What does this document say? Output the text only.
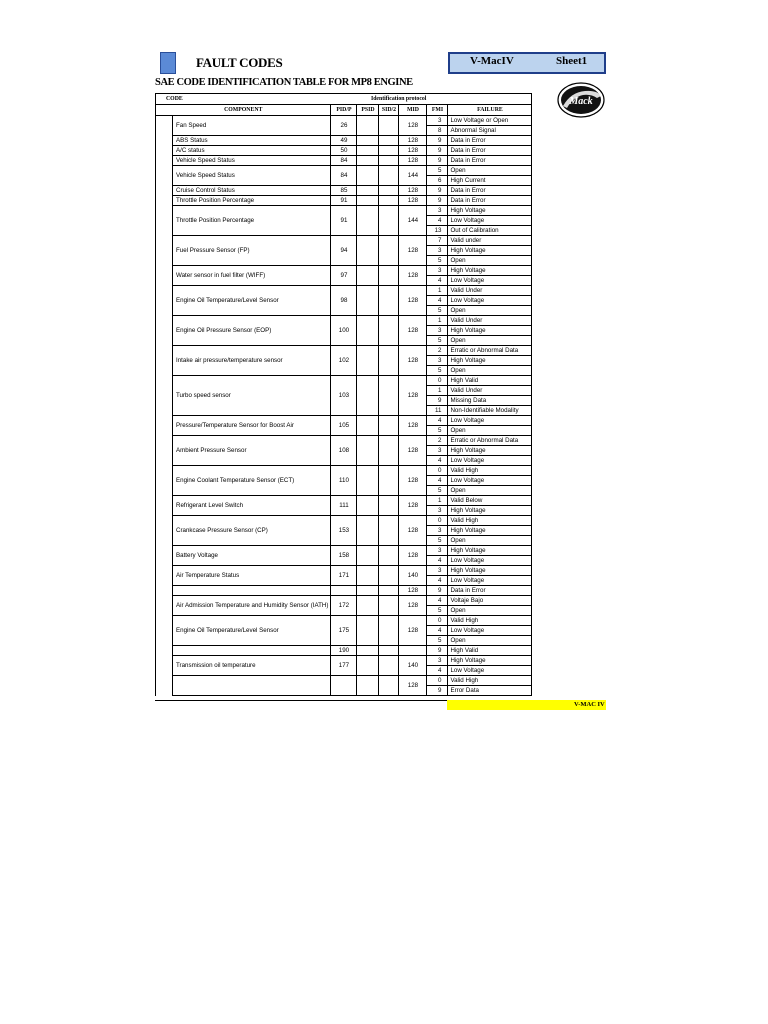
FAULT CODES	V-MacIV	Sheet1
SAE CODE IDENTIFICATION TABLE FOR MP8 ENGINE
Mack
CODE		Identification protocol					
COMPONENT		PID/P	PSID	SID/2	MID	FMI	FAILURE
	Fan Speed	26			128	3	Low Voltage or Open
						8	Abnormal Signal
	ABS Status	49			128	9	Data in Error
	A/C status	50			128	9	Data in Error
	Vehicle Speed Status	84			128	9	Data in Error
	Vehicle Speed Status	84			144	5	Open
						6	High Current
	Cruise Control Status	85			128	9	Data in Error
	Throttle Position Percentage	91			128	9	Data in Error
	Throttle Position Percentage	91			144	3	High Voltage
						4	Low Voltage
						13	Out of Calibration
	Fuel Pressure Sensor (FP)	94			128	7	Valid under
						3	High Voltage
						5	Open
	Water sensor in fuel filter (WIFF)	97			128	3	High Voltage
						4	Low Voltage
	Engine Oil Temperature/Level Sensor	98			128	1	Valid Under
						4	Low Voltage
						5	Open
	Engine Oil Pressure Sensor (EOP)	100			128	1	Valid Under
						3	High Voltage
						5	Open
	Intake air pressure/temperature sensor	102			128	2	Erratic or Abnormal Data
						3	High Voltage
						5	Open
	Turbo speed sensor	103			128	0	High Valid
						1	Valid Under
						9	Missing Data
						11	Non-Identifiable Modality
	Pressure/Temperature Sensor for Boost Air	105			128	4	Low Voltage
						5	Open
	Ambient Pressure Sensor	108			128	2	Erratic or Abnormal Data
						3	High Voltage
						4	Low Voltage
	Engine Coolant Temperature Sensor (ECT)	110			128	0	Valid High
						4	Low Voltage
						5	Open
	Refrigerant Level Switch	111			128	1	Valid Below
						3	High Voltage
	Crankcase Pressure Sensor (CP)	153			128	0	Valid High
						3	High Voltage
						5	Open
	Battery Voltage	158			128	3	High Voltage
						4	Low Voltage
	Air Temperature Status	171			140	3	High Voltage
						4	Low Voltage
					128	9	Data in Error
	Air Admission Temperature and Humidity Sensor (IATH)	172			128	4	Voltaje Bajo
						5	Open
	Engine Oil Temperature/Level Sensor	175			128	0	Valid High
						4	Low Voltage
						5	Open
		190				9	High Valid
	Transmission oil temperature	177			140	3	High Voltage
						4	Low Voltage
					128	0	Valid High
						9	Error Data
V-MAC IV
